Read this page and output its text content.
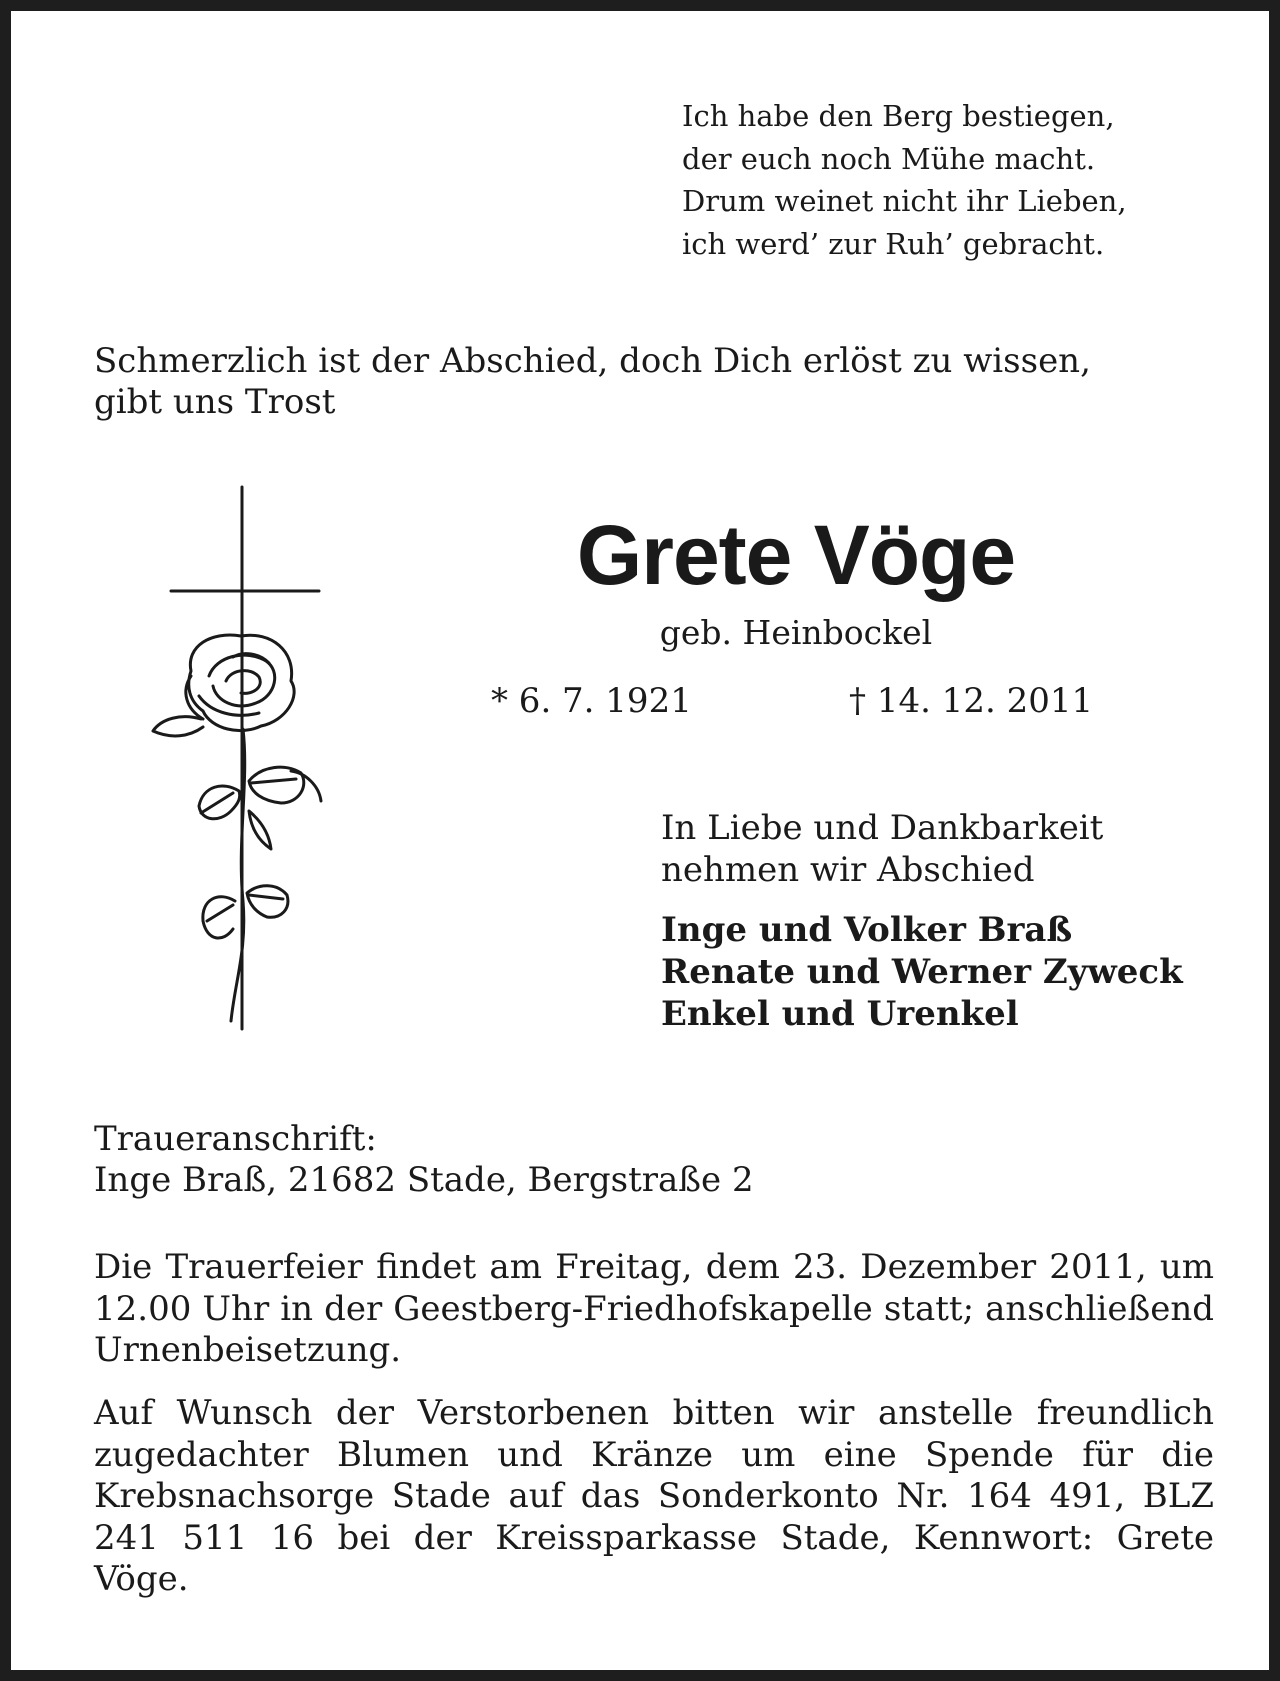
Ich habe den Berg bestiegen,
der euch noch Mühe macht.
Drum weinet nicht ihr Lieben,
ich werd’ zur Ruh’ gebracht.
Schmerzlich ist der Abschied, doch Dich erlöst zu wissen,
gibt uns Trost
Grete Vöge
geb. Heinbockel
* 6. 7. 1921	† 14. 12. 2011
In Liebe und Dankbarkeit
nehmen wir Abschied
Inge und Volker Braß
Renate und Werner Zyweck
Enkel und Urenkel
Traueranschrift:
Inge Braß, 21682 Stade, Bergstraße 2
Die Trauerfeier findet am Freitag, dem 23. Dezember 2011, um 12.00 Uhr in der Geestberg-Friedhofskapelle statt; anschließend Urnenbeisetzung.
Auf Wunsch der Verstorbenen bitten wir anstelle freundlich zugedachter Blumen und Kränze um eine Spende für die Krebsnachsorge Stade auf das Sonderkonto Nr. 164 491, BLZ 241 511 16 bei der Kreissparkasse Stade, Kennwort: Grete Vöge.
